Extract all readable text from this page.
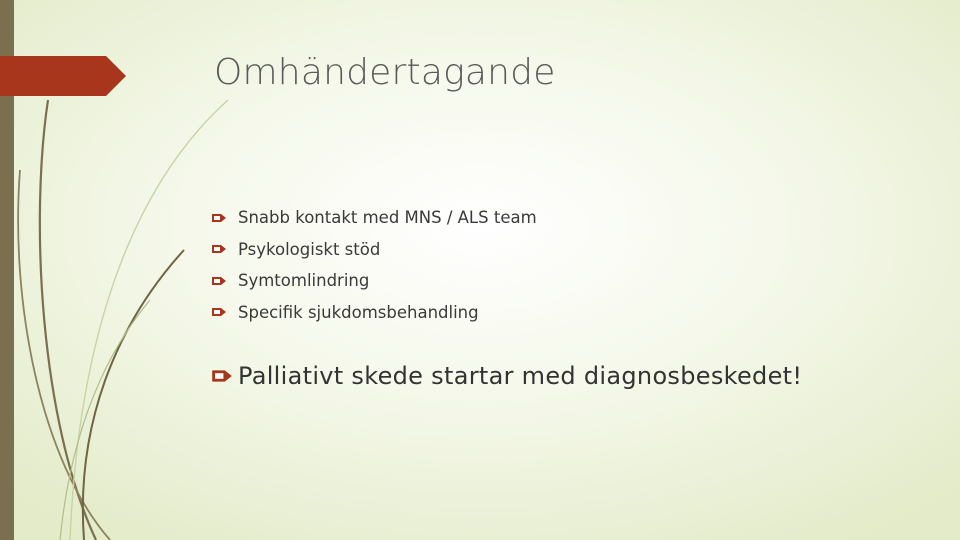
Omhändertagande
Snabb kontakt med MNS / ALS team
Psykologiskt stöd
Symtomlindring
Specifik sjukdomsbehandling
Palliativt skede startar med diagnosbeskedet!
